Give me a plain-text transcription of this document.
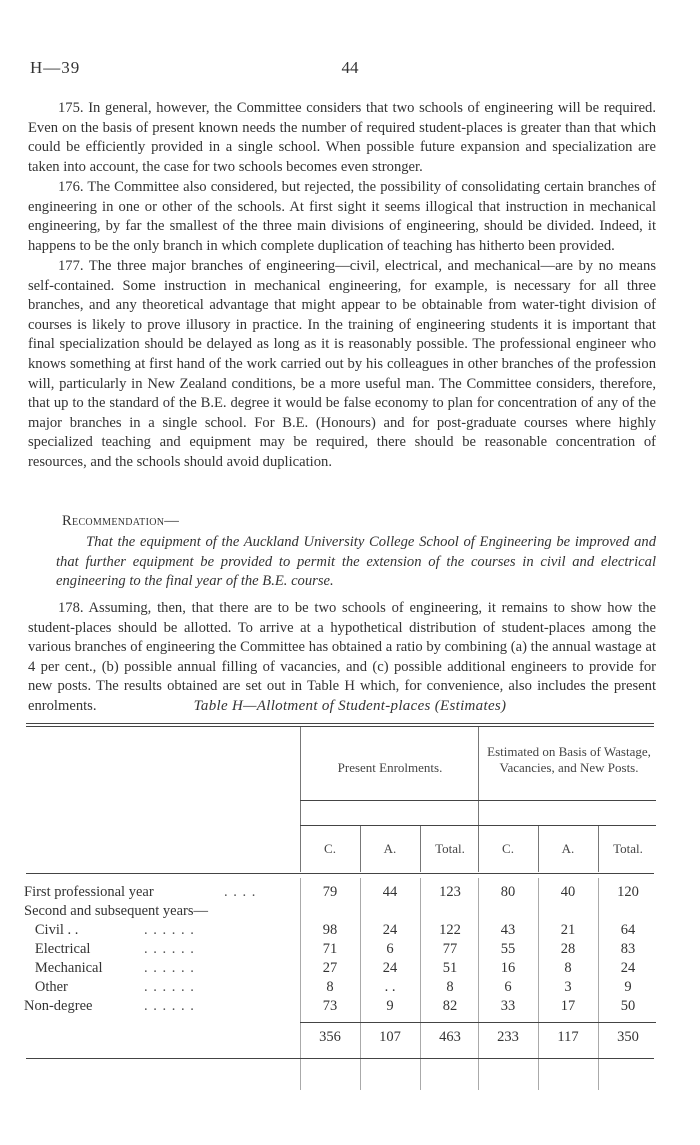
H—39	44

175. In general, however, the Committee considers that two schools of engineering will be required. Even on the basis of present known needs the number of required student-places is greater than that which could be efficiently provided in a single school. When possible future expansion and specialization are taken into account, the case for two schools becomes even stronger.

176. The Committee also considered, but rejected, the possibility of consolidating certain branches of engineering in one or other of the schools. At first sight it seems illogical that instruction in mechanical engineering, by far the smallest of the three main divisions of engineering, should be divided. Indeed, it happens to be the only branch in which complete duplication of teaching has hitherto been provided.

177. The three major branches of engineering—civil, electrical, and mechanical—are by no means self-contained. Some instruction in mechanical engineering, for example, is necessary for all three branches, and any theoretical advantage that might appear to be obtainable from water-tight division of courses is likely to prove illusory in practice. In the training of engineering students it is important that final specialization should be delayed as long as it is reasonably possible. The professional engineer who knows something at first hand of the work carried out by his colleagues in other branches of the profession will, particularly in New Zealand conditions, be a more useful man. The Committee considers, therefore, that up to the standard of the B.E. degree it would be false economy to plan for concentration of any of the major branches in a single school. For B.E. (Honours) and for post-graduate courses where highly specialized teaching and equipment may be required, there should be reasonable concentration of resources, and the schools should avoid duplication.

Recommendation—

That the equipment of the Auckland University College School of Engineering be improved and that further equipment be provided to permit the extension of the courses in civil and electrical engineering to the final year of the B.E. course.

178. Assuming, then, that there are to be two schools of engineering, it remains to show how the student-places should be allotted. To arrive at a hypothetical distribution of student-places among the various branches of engineering the Committee has obtained a ratio by combining (a) the annual wastage at 4 per cent., (b) possible annual filling of vacancies, and (c) possible additional engineers to provide for new posts. The results obtained are set out in Table H which, for convenience, also includes the present enrolments.	Table H—Allotment of Student-places (Estimates)
Present Enrolments.
Estimated on Basis of Wastage, Vacancies, and New Posts.
C.	A.	Total.	C.	A.	Total.
First professional year	. . . .	79	44	123	80	40	120
Second and subsequent years—
Civil . .	. . . . . .	98	24	122	43	21	64
Electrical	. . . . . .	71	6	77	55	28	83
Mechanical	. . . . . .	27	24	51	16	8	24
Other	. . . . . .	8	. .	8	6	3	9
Non-degree	. . . . . .	73	9	82	33	17	50
356	107	463	233	117	350
